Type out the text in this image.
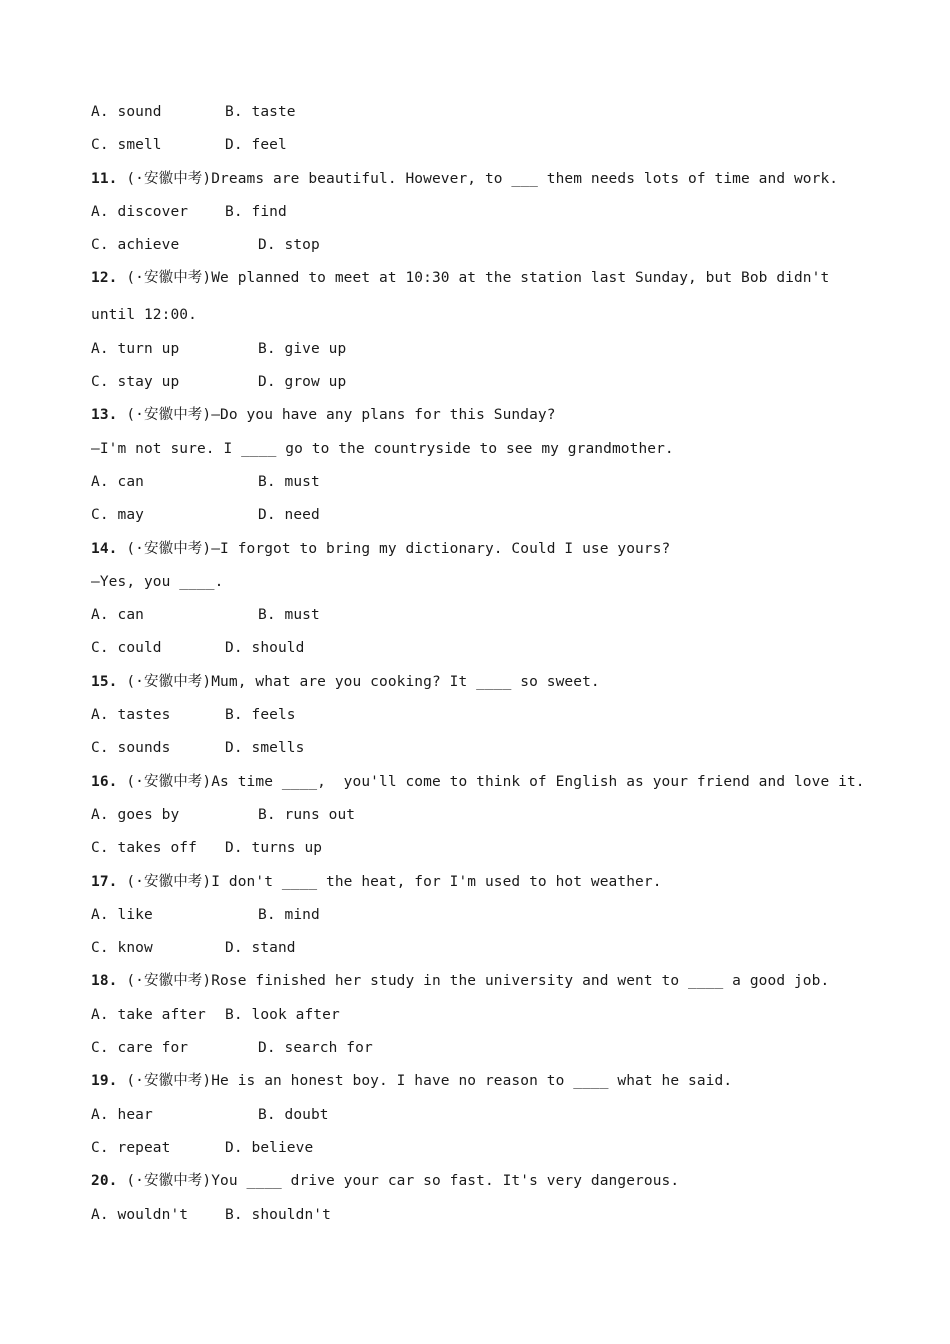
A. sound	B. taste
C. smell	D. feel
11. (·安徽中考)Dreams are beautiful. However, to ___ them needs lots of time and work.
A. discover	B. find
C. achieve	D. stop
12. (·安徽中考)We planned to meet at 10:30 at the station last Sunday, but Bob didn't
until 12:00.
A. turn up	B. give up
C. stay up	D. grow up
13. (·安徽中考)—Do you have any plans for this Sunday?
—I'm not sure. I ____ go to the countryside to see my grandmother.
A. can	B. must
C. may	D. need
14. (·安徽中考)—I forgot to bring my dictionary. Could I use yours?
—Yes, you ____.
A. can	B. must
C. could	D. should
15. (·安徽中考)Mum, what are you cooking? It ____ so sweet.
A. tastes	B. feels
C. sounds	D. smells
16. (·安徽中考)As time ____,  you'll come to think of English as your friend and love it.
A. goes by	B. runs out
C. takes off D. turns up
17. (·安徽中考)I don't ____ the heat, for I'm used to hot weather.
A. like	B. mind
C. know	D. stand
18. (·安徽中考)Rose finished her study in the university and went to ____ a good job.
A. take after B. look after
C. care for	D. search for
19. (·安徽中考)He is an honest boy. I have no reason to ____ what he said.
A. hear	B. doubt
C. repeat	D. believe
20. (·安徽中考)You ____ drive your car so fast. It's very dangerous.
A. wouldn't	B. shouldn't
